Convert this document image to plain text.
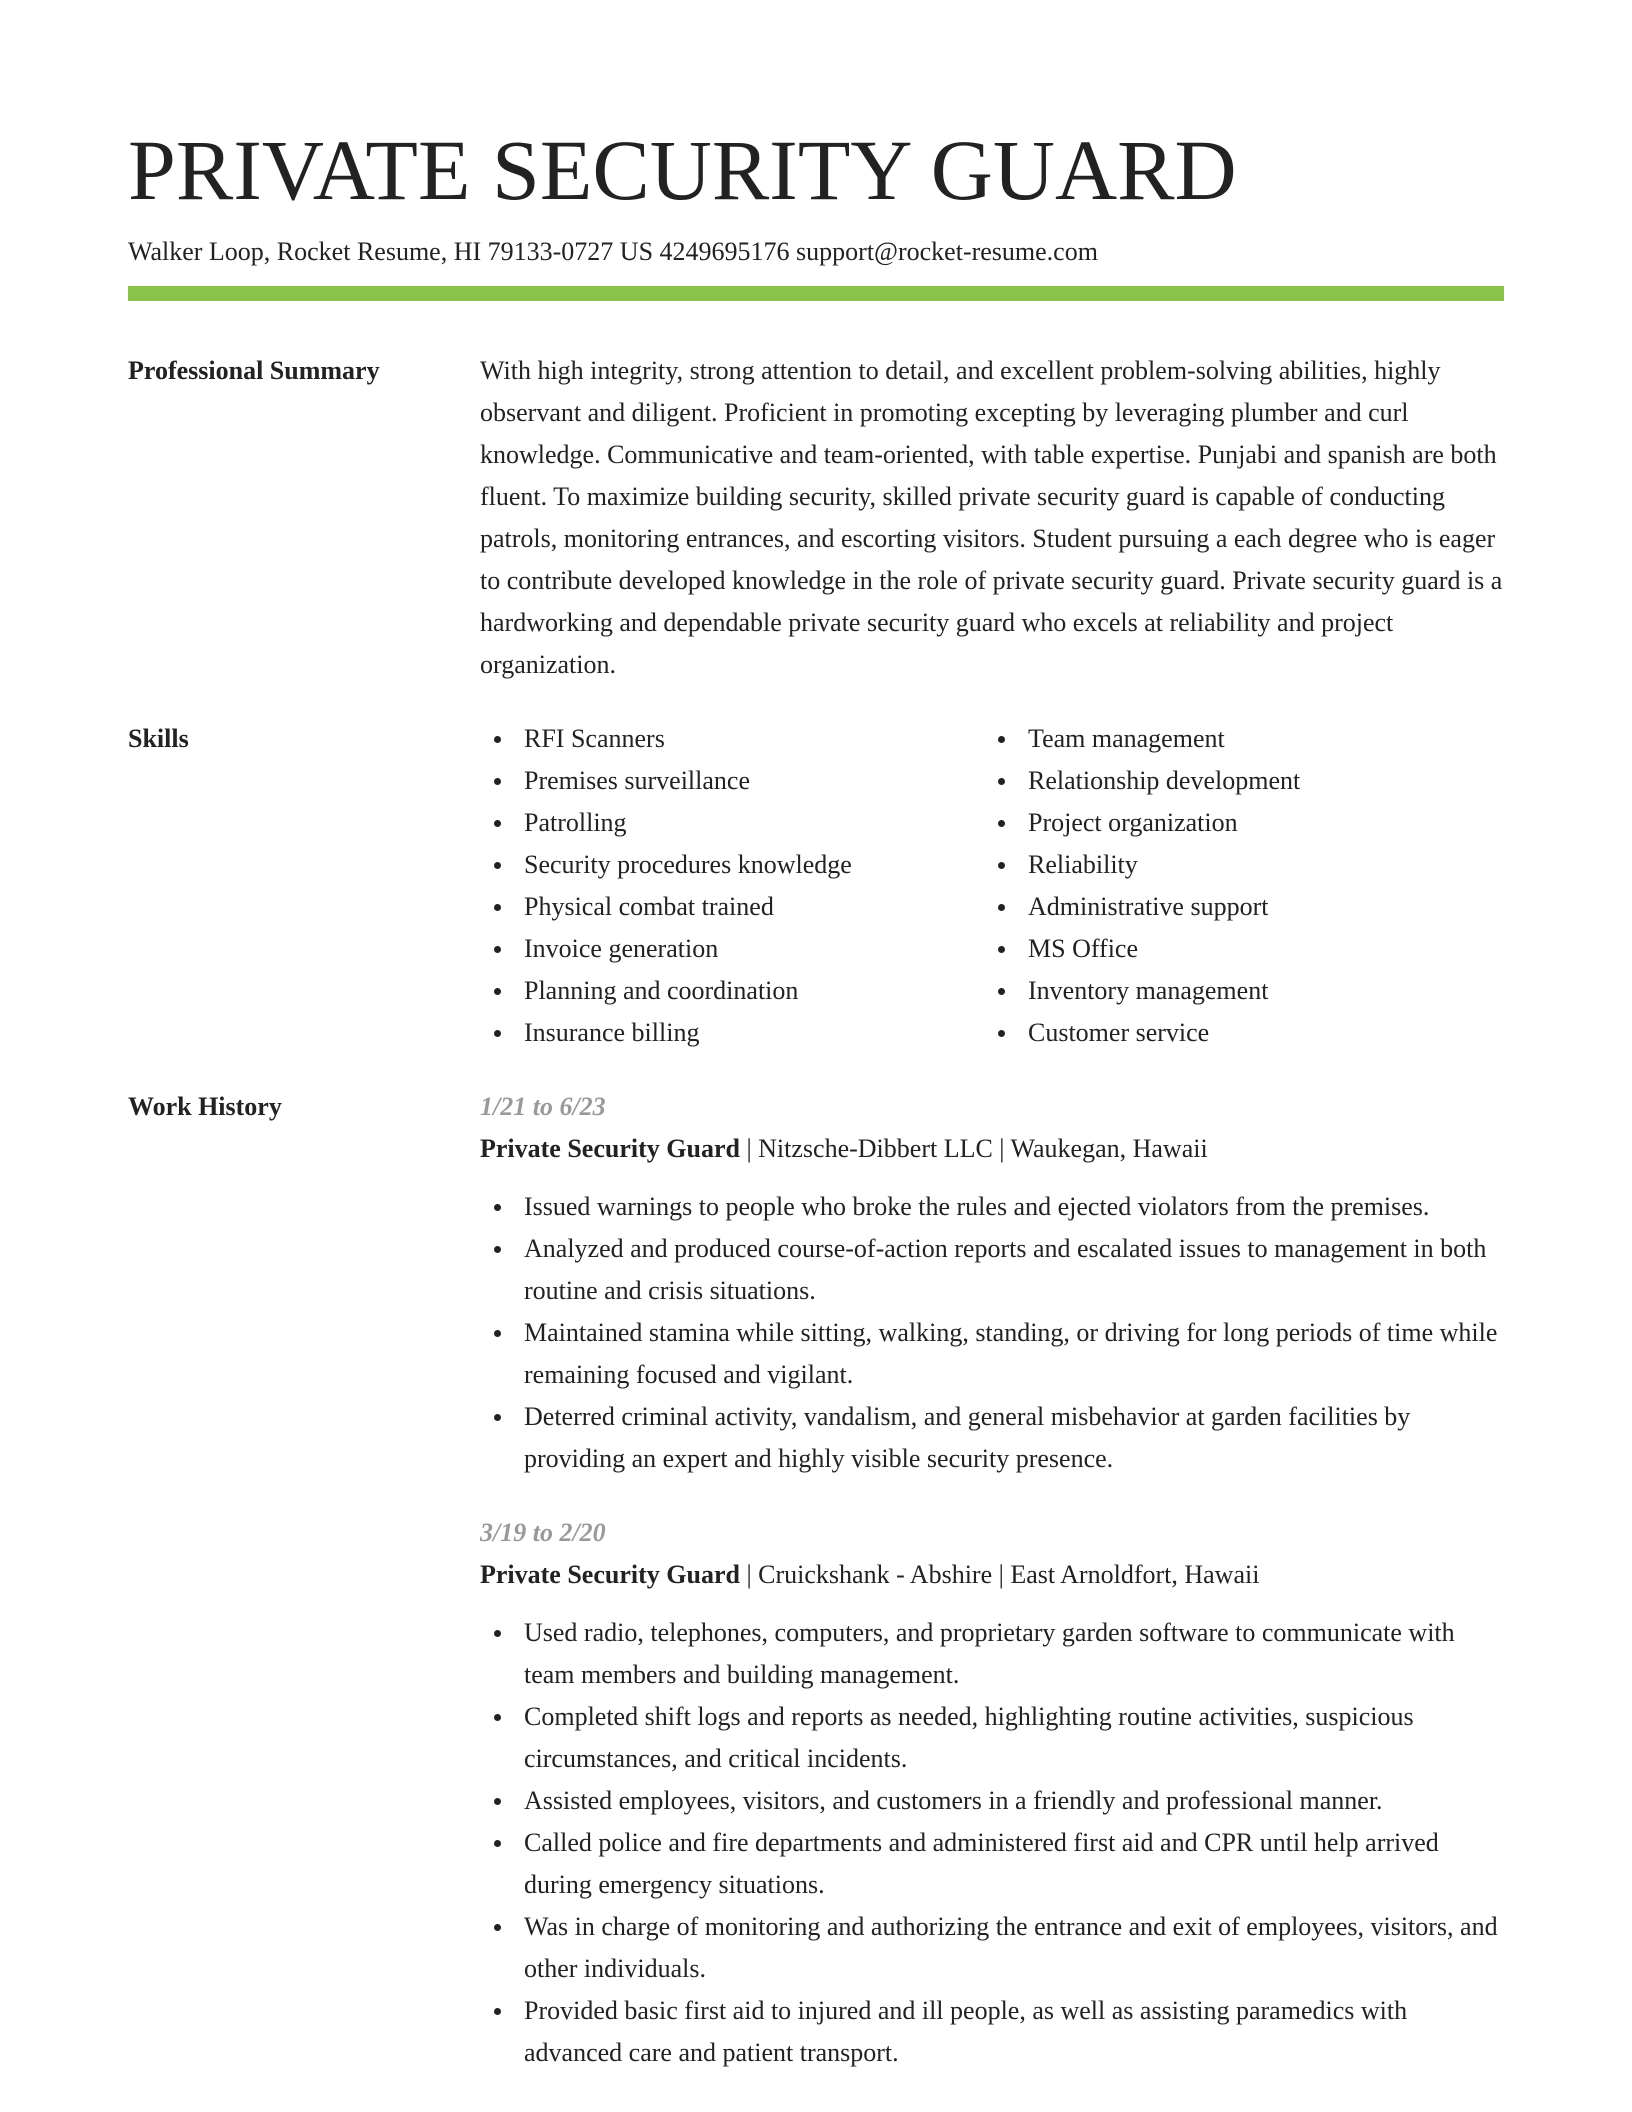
PRIVATE SECURITY GUARD
Walker Loop, Rocket Resume, HI 79133-0727 US 4249695176 support@rocket-resume.com
Professional Summary	With high integrity, strong attention to detail, and excellent problem-solving abilities, highly observant and diligent. Proficient in promoting excepting by leveraging plumber and curl knowledge. Communicative and team-oriented, with table expertise. Punjabi and spanish are both fluent. To maximize building security, skilled private security guard is capable of conducting patrols, monitoring entrances, and escorting visitors. Student pursuing a each degree who is eager to contribute developed knowledge in the role of private security guard. Private security guard is a hardworking and dependable private security guard who excels at reliability and project organization.

Skills	RFI Scanners
Premises surveillance
Patrolling
Security procedures knowledge
Physical combat trained
Invoice generation
Planning and coordination
Insurance billing
Team management
Relationship development
Project organization
Reliability
Administrative support
MS Office
Inventory management
Customer service
Work History	1/21 to 6/23
Private Security Guard | Nitzsche-Dibbert LLC | Waukegan, Hawaii
Issued warnings to people who broke the rules and ejected violators from the premises.
Analyzed and produced course-of-action reports and escalated issues to management in both routine and crisis situations.
Maintained stamina while sitting, walking, standing, or driving for long periods of time while remaining focused and vigilant.
Deterred criminal activity, vandalism, and general misbehavior at garden facilities by providing an expert and highly visible security presence.
3/19 to 2/20
Private Security Guard | Cruickshank - Abshire | East Arnoldfort, Hawaii
Used radio, telephones, computers, and proprietary garden software to communicate with team members and building management.
Completed shift logs and reports as needed, highlighting routine activities, suspicious circumstances, and critical incidents.
Assisted employees, visitors, and customers in a friendly and professional manner.
Called police and fire departments and administered first aid and CPR until help arrived during emergency situations.
Was in charge of monitoring and authorizing the entrance and exit of employees, visitors, and other individuals.
Provided basic first aid to injured and ill people, as well as assisting paramedics with advanced care and patient transport.
